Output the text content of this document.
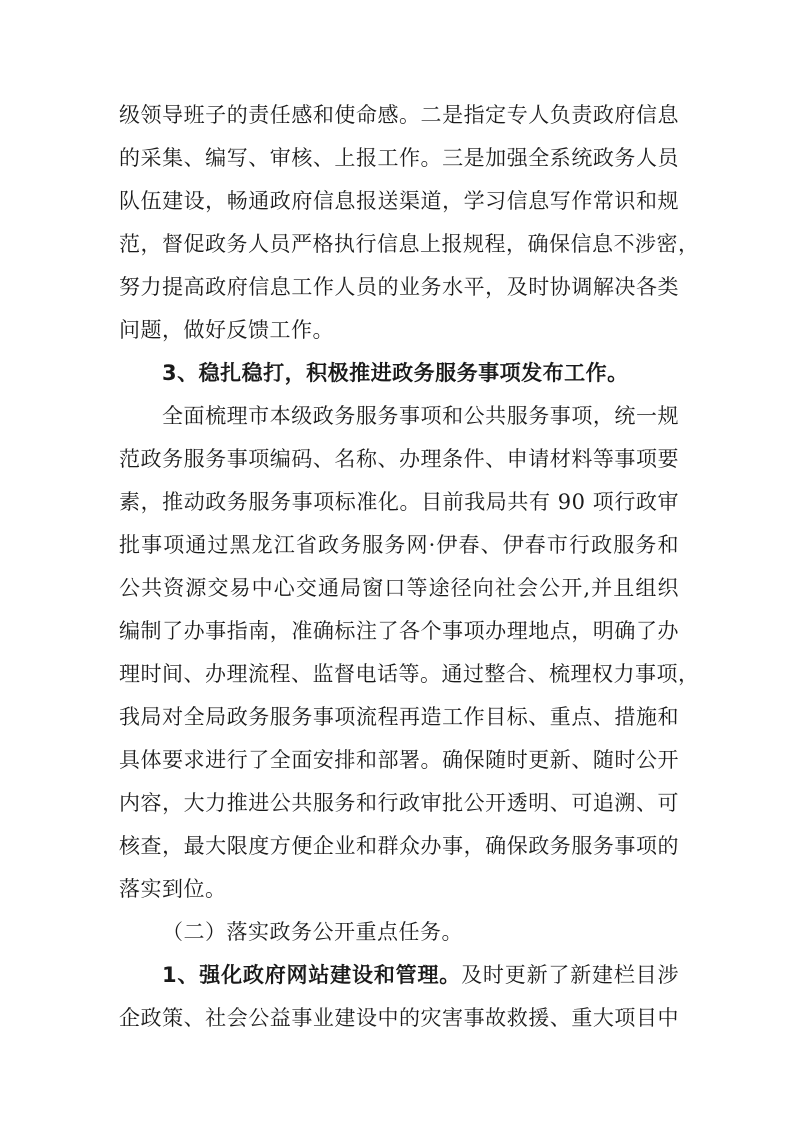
级领导班子的责任感和使命感。二是指定专人负责政府信息
的采集、编写、审核、上报工作。三是加强全系统政务人员
队伍建设，畅通政府信息报送渠道，学习信息写作常识和规
范，督促政务人员严格执行信息上报规程，确保信息不涉密，
努力提高政府信息工作人员的业务水平，及时协调解决各类
问题，做好反馈工作。
3、稳扎稳打，积极推进政务服务事项发布工作。
全面梳理市本级政务服务事项和公共服务事项，统一规
范政务服务事项编码、名称、办理条件、申请材料等事项要
素，推动政务服务事项标准化。目前我局共有 90 项行政审
批事项通过黑龙江省政务服务网·伊春、伊春市行政服务和
公共资源交易中心交通局窗口等途径向社会公开,并且组织
编制了办事指南，准确标注了各个事项办理地点，明确了办
理时间、办理流程、监督电话等。通过整合、梳理权力事项，
我局对全局政务服务事项流程再造工作目标、重点、措施和
具体要求进行了全面安排和部署。确保随时更新、随时公开
内容，大力推进公共服务和行政审批公开透明、可追溯、可
核查，最大限度方便企业和群众办事，确保政务服务事项的
落实到位。
（二）落实政务公开重点任务。
1、强化政府网站建设和管理。及时更新了新建栏目涉
企政策、社会公益事业建设中的灾害事故救援、重大项目中
